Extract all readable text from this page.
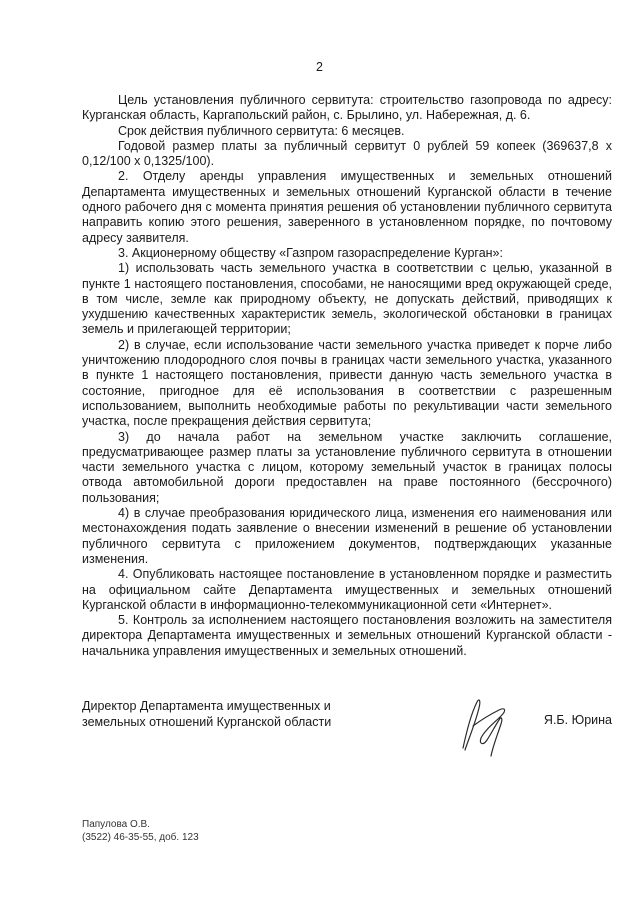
2

Цель установления публичного сервитута: строительство газопровода по адресу: Курганская область, Каргапольский район, с. Брылино, ул. Набережная, д. 6.

Срок действия публичного сервитута: 6 месяцев.

Годовой размер платы за публичный сервитут 0 рублей 59 копеек (369637,8 х 0,12/100 х 0,1325/100).

2. Отделу аренды управления имущественных и земельных отношений Департамента имущественных и земельных отношений Курганской области в течение одного рабочего дня с момента принятия решения об установлении публичного сервитута направить копию этого решения, заверенного в установленном порядке, по почтовому адресу заявителя.

3. Акционерному обществу «Газпром газораспределение Курган»:

1) использовать часть земельного участка в соответствии с целью, указанной в пункте 1 настоящего постановления, способами, не наносящими вред окружающей среде, в том числе, земле как природному объекту, не допускать действий, приводящих к ухудшению качественных характеристик земель, экологической обстановки в границах земель и прилегающей территории;

2) в случае, если использование части земельного участка приведет к порче либо уничтожению плодородного слоя почвы в границах части земельного участка, указанного в пункте 1 настоящего постановления, привести данную часть земельного участка в состояние, пригодное для её использования в соответствии с разрешенным использованием, выполнить необходимые работы по рекультивации части земельного участка, после прекращения действия сервитута;

3) до начала работ на земельном участке заключить соглашение, предусматривающее размер платы за установление публичного сервитута в отношении части земельного участка с лицом, которому земельный участок в границах полосы отвода автомобильной дороги предоставлен на праве постоянного (бессрочного) пользования;

4) в случае преобразования юридического лица, изменения его наименования или местонахождения подать заявление о внесении изменений в решение об установлении публичного сервитута с приложением документов, подтверждающих указанные изменения.

4. Опубликовать настоящее постановление в установленном порядке и разместить на официальном сайте Департамента имущественных и земельных отношений Курганской области в информационно-телекоммуникационной сети «Интернет».

5. Контроль за исполнением настоящего постановления возложить на заместителя директора Департамента имущественных и земельных отношений Курганской области - начальника управления имущественных и земельных отношений.

Директор Департамента имущественных и
земельных отношений Курганской области	Я.Б. Юрина
Папулова О.В.
(3522) 46-35-55, доб. 123
